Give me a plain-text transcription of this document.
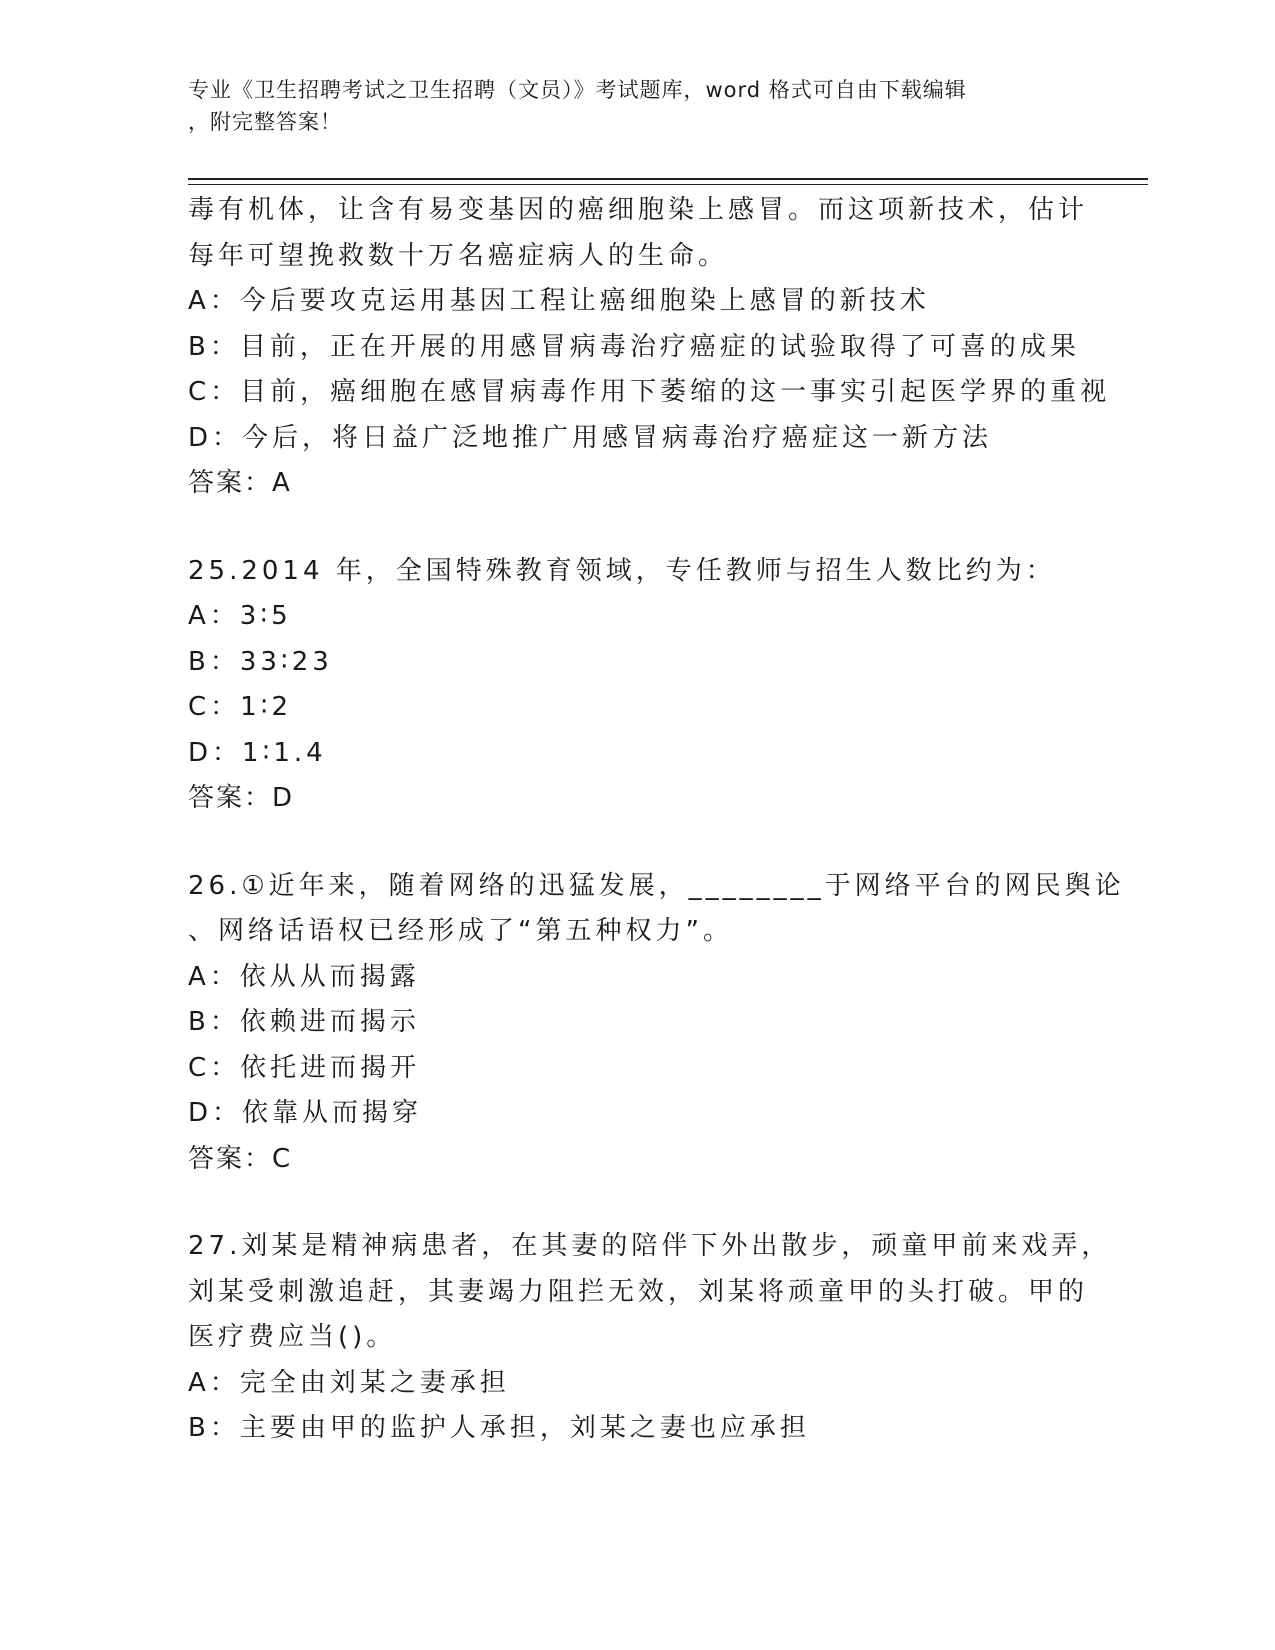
专业《卫生招聘考试之卫生招聘（文员）》考试题库，word 格式可自由下载编辑
，附完整答案！
毒有机体，让含有易变基因的癌细胞染上感冒。而这项新技术，估计
每年可望挽救数十万名癌症病人的生命。
A：今后要攻克运用基因工程让癌细胞染上感冒的新技术
B：目前，正在开展的用感冒病毒治疗癌症的试验取得了可喜的成果
C：目前，癌细胞在感冒病毒作用下萎缩的这一事实引起医学界的重视
D：今后，将日益广泛地推广用感冒病毒治疗癌症这一新方法
答案：A
25.2014 年，全国特殊教育领域，专任教师与招生人数比约为：
A：3∶5
B：33∶23
C：1∶2
D：1∶1.4
答案：D
26.①近年来，随着网络的迅猛发展，________于网络平台的网民舆论
、网络话语权已经形成了“第五种权力”。
A：依从从而揭露
B：依赖进而揭示
C：依托进而揭开
D：依靠从而揭穿
答案：C
27.刘某是精神病患者，在其妻的陪伴下外出散步，顽童甲前来戏弄，
刘某受刺激追赶，其妻竭力阻拦无效，刘某将顽童甲的头打破。甲的
医疗费应当()。
A：完全由刘某之妻承担
B：主要由甲的监护人承担，刘某之妻也应承担
